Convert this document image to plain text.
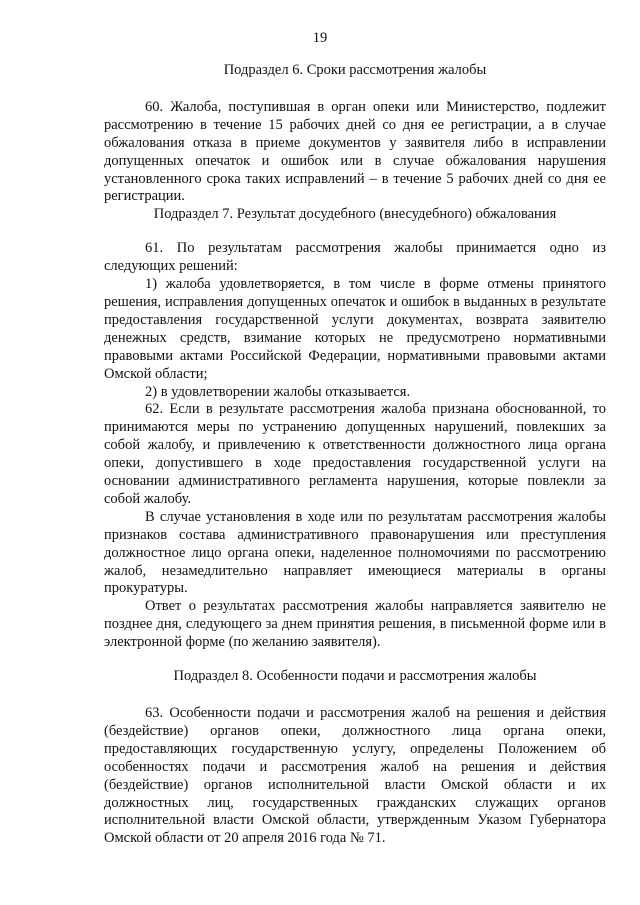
19

Подраздел 6. Сроки рассмотрения жалобы

60. Жалоба, поступившая в орган опеки или Министерство, подлежит рассмотрению в течение 15 рабочих дней со дня ее регистрации, а в случае обжалования отказа в приеме документов у заявителя либо в исправлении допущенных опечаток и ошибок или в случае обжалования нарушения установленного срока таких исправлений – в течение 5 рабочих дней со дня ее регистрации.

Подраздел 7. Результат досудебного (внесудебного) обжалования

61. По результатам рассмотрения жалобы принимается одно из следующих решений:

1) жалоба удовлетворяется, в том числе в форме отмены принятого решения, исправления допущенных опечаток и ошибок в выданных в результате предоставления государственной услуги документах, возврата заявителю денежных средств, взимание которых не предусмотрено нормативными правовыми актами Российской Федерации, нормативными правовыми актами Омской области;

2) в удовлетворении жалобы отказывается.

62. Если в результате рассмотрения жалоба признана обоснованной, то принимаются меры по устранению допущенных нарушений, повлекших за собой жалобу, и привлечению к ответственности должностного лица органа опеки, допустившего в ходе предоставления государственной услуги на основании административного регламента нарушения, которые повлекли за собой жалобу.

В случае установления в ходе или по результатам рассмотрения жалобы признаков состава административного правонарушения или преступления должностное лицо органа опеки, наделенное полномочиями по рассмотрению жалоб, незамедлительно направляет имеющиеся материалы в органы прокуратуры.

Ответ о результатах рассмотрения жалобы направляется заявителю не позднее дня, следующего за днем принятия решения, в письменной форме или в электронной форме (по желанию заявителя).

Подраздел 8. Особенности подачи и рассмотрения жалобы

63. Особенности подачи и рассмотрения жалоб на решения и действия (бездействие) органов опеки, должностного лица органа опеки, предоставляющих государственную услугу, определены Положением об особенностях подачи и рассмотрения жалоб на решения и действия (бездействие) органов исполнительной власти Омской области и их должностных лиц, государственных гражданских служащих органов исполнительной власти Омской области, утвержденным Указом Губернатора Омской области от 20 апреля 2016 года № 71.
